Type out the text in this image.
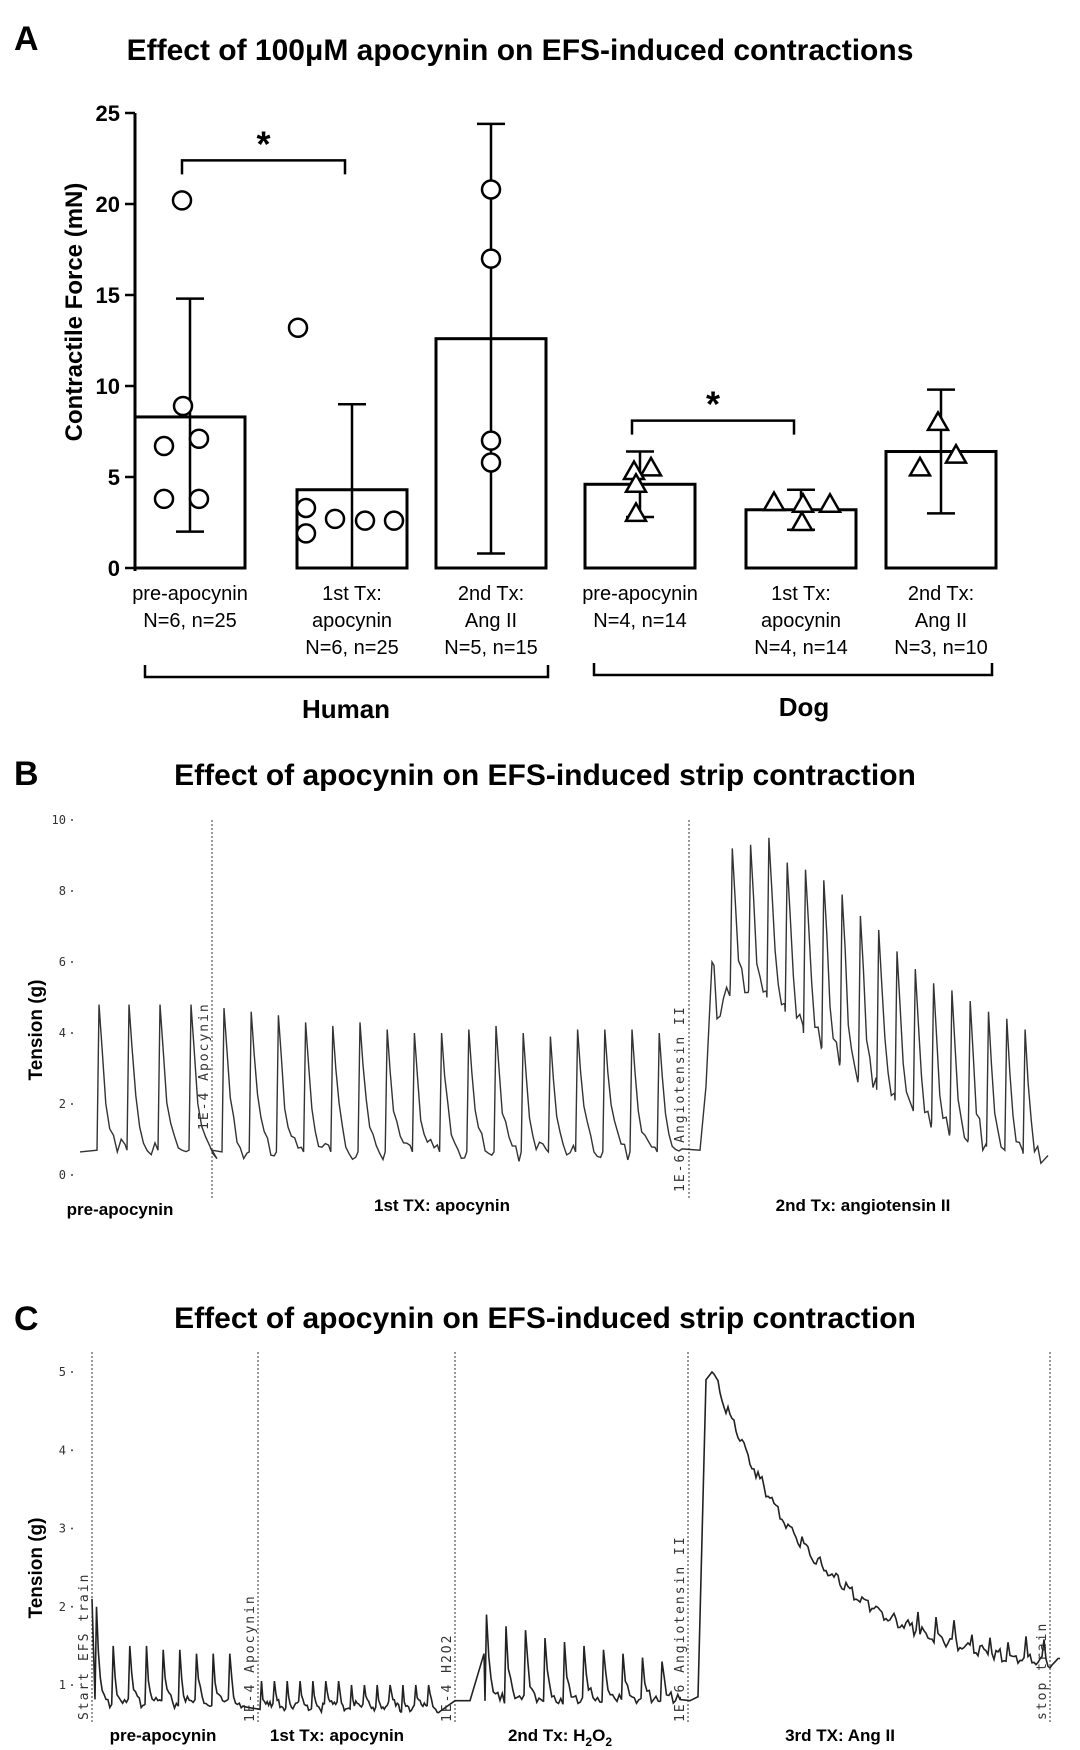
A	Effect of 100μM apocynin on EFS-induced contractions
Contractile Force (mN)
0
5
10
15
20
25
*
*
pre-apocynin
N=6, n=25
1st Tx:
apocynin
N=6, n=25
2nd Tx:
Ang II
N=5, n=15
pre-apocynin
N=4, n=14
1st Tx:
apocynin
N=4, n=14
2nd Tx:
Ang II
N=3, n=10
Human	Dog
B	Effect of apocynin on EFS-induced strip contraction
Tension (g)
10
8
6
4
2
0
1E-4 Apocynin	1E-6 Angiotensin II
pre-apocynin	1st TX: apocynin	2nd Tx: angiotensin II
C	Effect of apocynin on EFS-induced strip contraction
Tension (g)
5
4
3
2
1 Start EFS train	1E-4 Apocynin	1E-4 H2O2	1E-6 Angiotensin II	stop train
pre-apocynin	1st Tx: apocynin	2nd Tx: $H_2O_2$	3rd TX: Ang II
